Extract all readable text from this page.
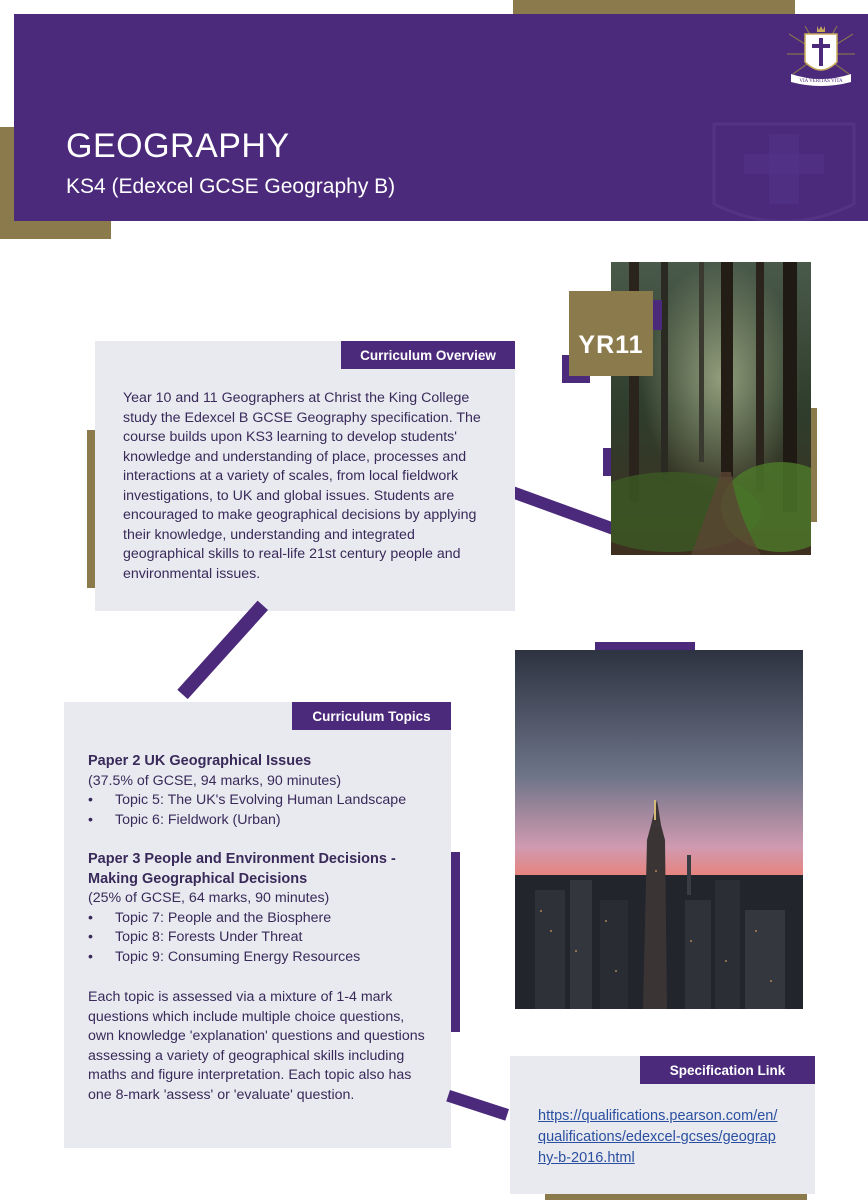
GEOGRAPHY
KS4 (Edexcel GCSE Geography B)
VIA VERITAS VITA
YR11
Curriculum Overview
Year 10 and 11 Geographers at Christ the King College study the Edexcel B GCSE Geography specification. The course builds upon KS3 learning to develop students' knowledge and understanding of place, processes and interactions at a variety of scales, from local fieldwork investigations, to UK and global issues. Students are encouraged to make geographical decisions by applying their knowledge, understanding and integrated geographical skills to real-life 21st century people and environmental issues.
Curriculum Topics
Paper 2 UK Geographical Issues
(37.5% of GCSE, 94 marks, 90 minutes)
• Topic 5: The UK's Evolving Human Landscape
• Topic 6: Fieldwork (Urban)
Paper 3 People and Environment Decisions - Making Geographical Decisions
(25% of GCSE, 64 marks, 90 minutes)
• Topic 7: People and the Biosphere
• Topic 8: Forests Under Threat
• Topic 9: Consuming Energy Resources
Each topic is assessed via a mixture of 1-4 mark questions which include multiple choice questions, own knowledge 'explanation' questions and questions assessing a variety of geographical skills including maths and figure interpretation. Each topic also has one 8-mark 'assess' or 'evaluate' question.
Specification Link
https://qualifications.pearson.com/en/qualifications/edexcel-gcses/geography-b-2016.html
